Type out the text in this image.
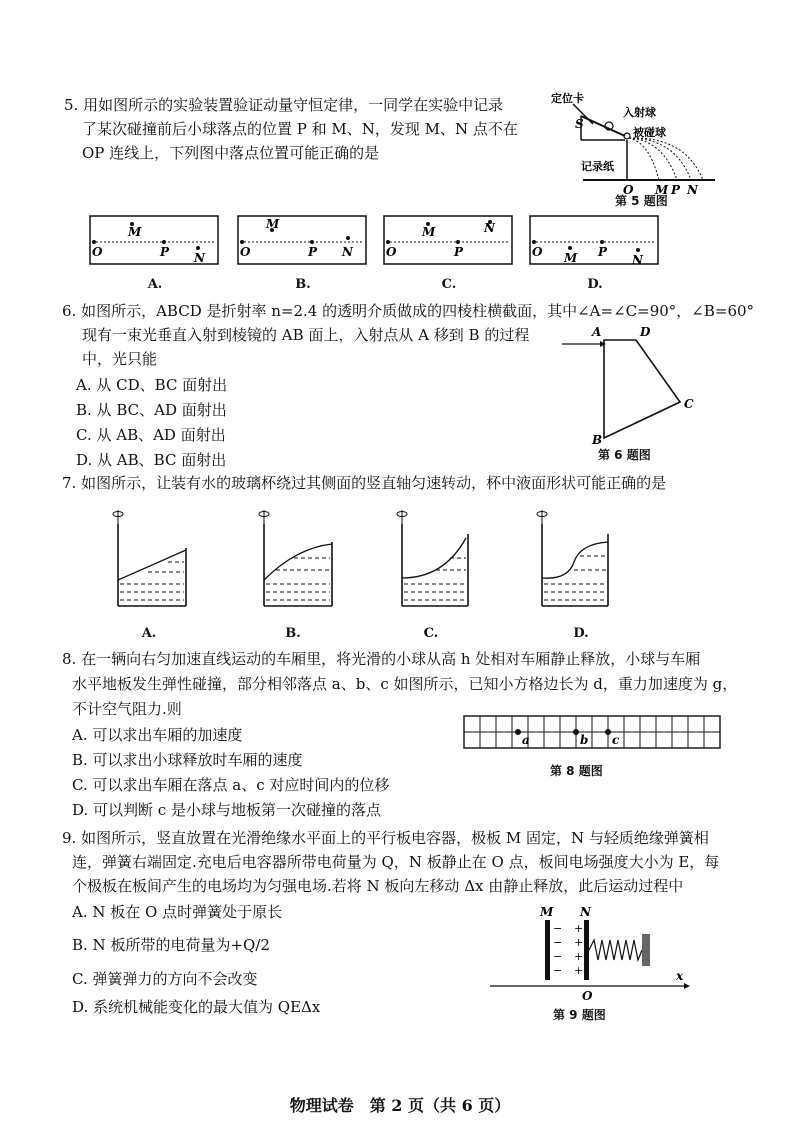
5. 用如图所示的实验装置验证动量守恒定律，一同学在实验中记录
了某次碰撞前后小球落点的位置 P 和 M、N，发现 M、N 点不在
OP 连线上，下列图中落点位置可能正确的是
定位卡
入射球
被碰球
S
记录纸
O M P N
第 5 题图
O
M
P N	O
M
P N	O
M
P
N
O M P
N
A.	B.	C.	D.
6. 如图所示，ABCD 是折射率 n=2.4 的透明介质做成的四棱柱横截面，其中∠A=∠C=90°，∠B=60°
现有一束光垂直入射到棱镜的 AB 面上，入射点从 A 移到 B 的过程
中，光只能
A. 从 CD、BC 面射出
B. 从 BC、AD 面射出
C. 从 AB、AD 面射出
D. 从 AB、BC 面射出
A	D
C
B
第 6 题图
7. 如图所示，让装有水的玻璃杯绕过其侧面的竖直轴匀速转动，杯中液面形状可能正确的是
A.	B.	C.	D.
8. 在一辆向右匀加速直线运动的车厢里，将光滑的小球从高 h 处相对车厢静止释放，小球与车厢
水平地板发生弹性碰撞，部分相邻落点 a、b、c 如图所示，已知小方格边长为 d，重力加速度为 g，
不计空气阻力.则
A. 可以求出车厢的加速度
B. 可以求出小球释放时车厢的速度
C. 可以求出车厢在落点 a、c 对应时间内的位移
D. 可以判断 c 是小球与地板第一次碰撞的落点
a	b c
第 8 题图
9. 如图所示，竖直放置在光滑绝缘水平面上的平行板电容器，极板 M 固定，N 与轻质绝缘弹簧相
连，弹簧右端固定.充电后电容器所带电荷量为 Q，N 板静止在 O 点，板间电场强度大小为 E，每
个极板在板间产生的电场均为匀强电场.若将 N 板向左移动 Δx 由静止释放，此后运动过程中
A. N 板在 O 点时弹簧处于原长
B. N 板所带的电荷量为+Q/2
C. 弹簧弹力的方向不会改变
D. 系统机械能变化的最大值为 QEΔx
M N
−
−
−
−
+
+
+
+	x
O
第 9 题图
物理试卷　第 2 页（共 6 页）
